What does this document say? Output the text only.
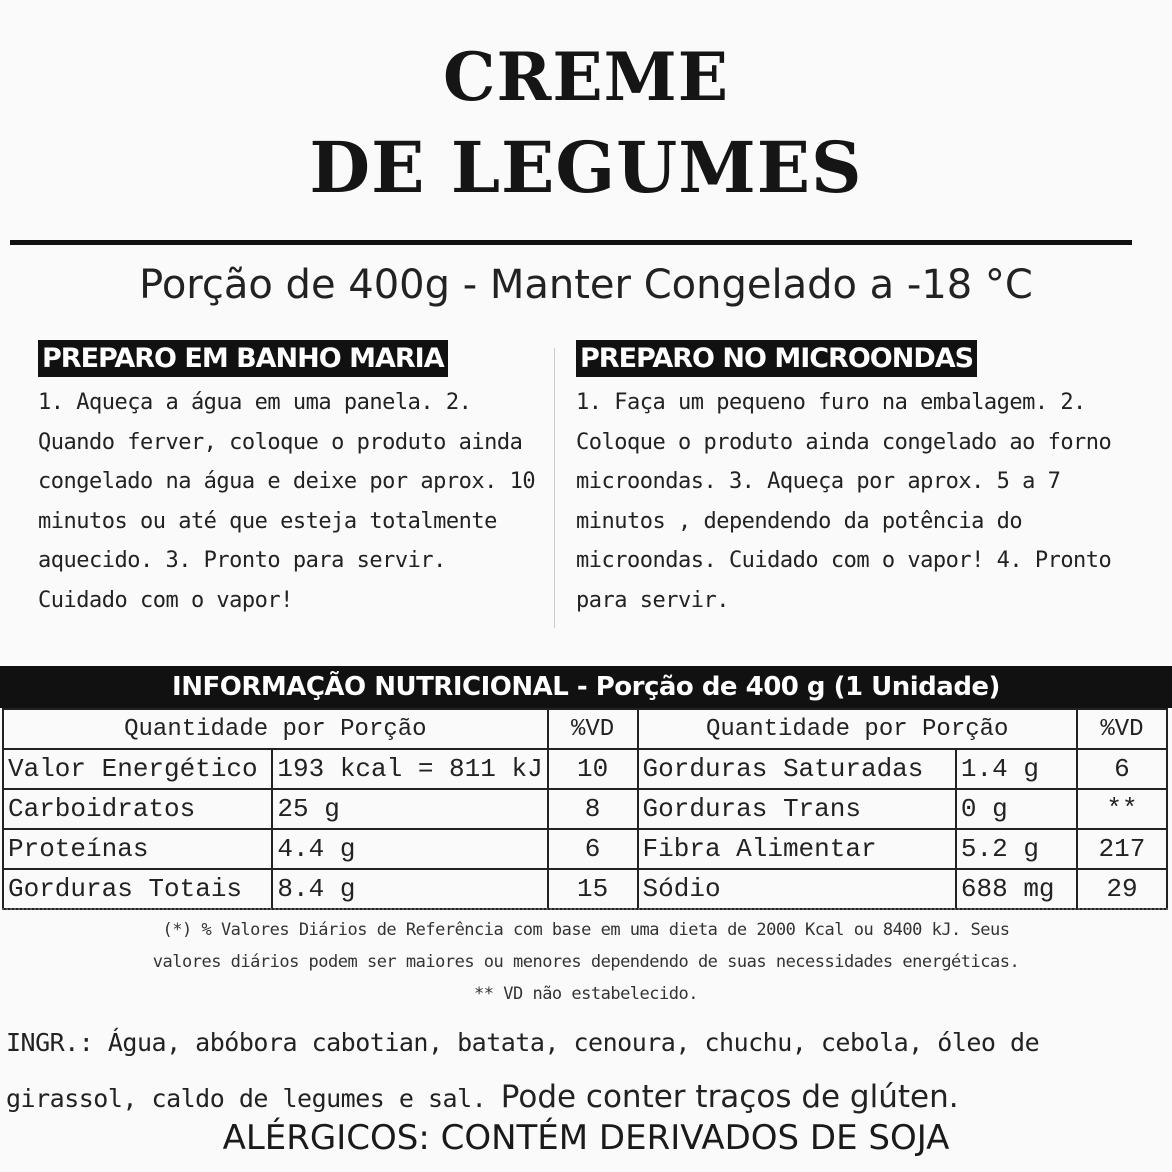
CREME
DE LEGUMES
Porção de 400g - Manter Congelado a -18 °C
PREPARO EM BANHO MARIA
1. Aqueça a água em uma panela. 2. Quando ferver, coloque o produto ainda congelado na água e deixe por aprox. 10 minutos ou até que esteja totalmente aquecido. 3. Pronto para servir. Cuidado com o vapor!
PREPARO NO MICROONDAS
1. Faça um pequeno furo na embalagem. 2. Coloque o produto ainda congelado ao forno microondas. 3. Aqueça por aprox. 5 a 7 minutos , dependendo da potência do microondas. Cuidado com o vapor! 4. Pronto para servir.
INFORMAÇÃO NUTRICIONAL - Porção de 400 g (1 Unidade)
Quantidade por Porção		%VD	Quantidade por Porção		%VD
Valor Energético	193 kcal = 811 kJ	10	Gorduras Saturadas	1.4 g	6
Carboidratos	25 g	8	Gorduras Trans	0 g	**
Proteínas	4.4 g	6	Fibra Alimentar	5.2 g	217
Gorduras Totais	8.4 g	15	Sódio	688 mg	29
(*) % Valores Diários de Referência com base em uma dieta de 2000 Kcal ou 8400 kJ. Seus
valores diários podem ser maiores ou menores dependendo de suas necessidades energéticas.
** VD não estabelecido.
INGR.: Água, abóbora cabotian, batata, cenoura, chuchu, cebola, óleo de girassol, caldo de legumes e sal. Pode conter traços de glúten.
ALÉRGICOS: CONTÉM DERIVADOS DE SOJA
